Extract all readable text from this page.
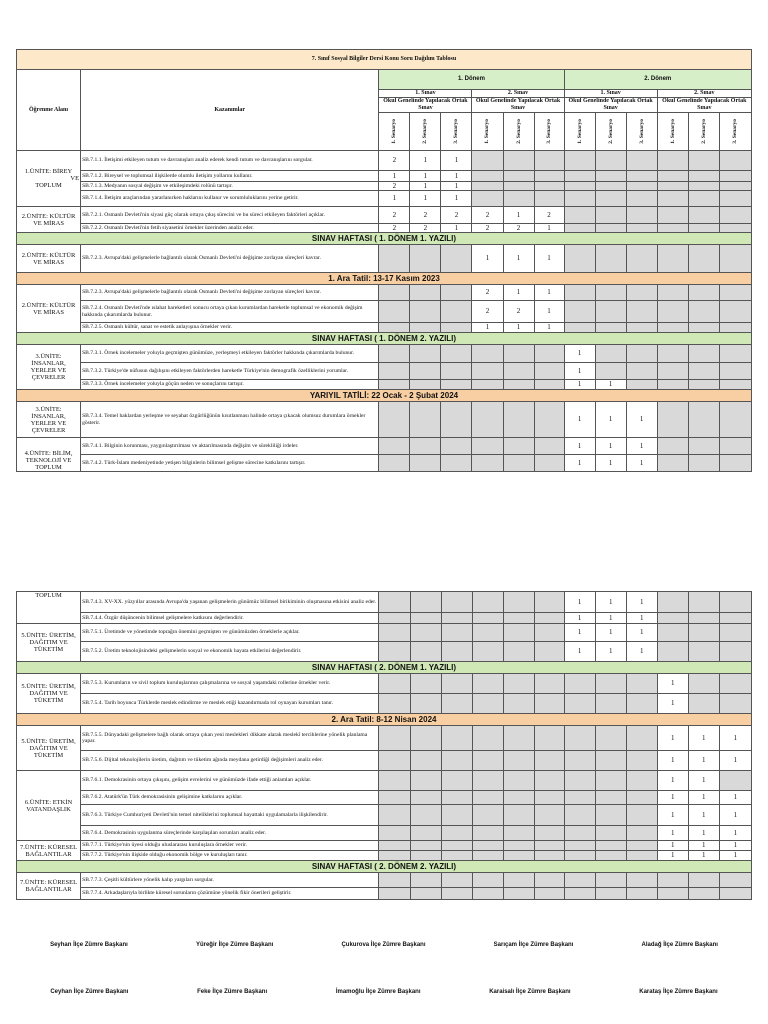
7. Sınıf Sosyal Bilgiler Dersi Konu Soru Dağılım Tablosu													
Öğrenme Alanı	Kazanımlar	1. Dönem						2. Dönem					
		1. Sınav			2. Sınav			1. Sınav			2. Sınav		
		Okul Genelinde Yapılacak Ortak Sınav			Okul Genelinde Yapılacak Ortak Sınav			Okul Genelinde Yapılacak Ortak Sınav			Okul Genelinde Yapılacak Ortak Sınav		

		1. Senaryo	2. Senaryo	3. Senaryo	1. Senaryo	2. Senaryo	3. Senaryo	1. Senaryo	2. Senaryo	3. Senaryo	1. Senaryo	2. Senaryo	3. Senaryo

1.ÜNİTE: BİREY
VE
TOPLUM	SB.7.1.1. İletişimi etkileyen tutum ve davranışları analiz ederek kendi tutum ve davranışlarını sorgular.	2	1	1									
	SB.7.1.2. Bireysel ve toplumsal ilişkilerde olumlu iletişim yollarını kullanır.	1	1	1									
	SB.7.1.3. Medyanın sosyal değişim ve etkileşimdeki rolünü tartışır.	2	1	1									
	SB.7.1.4. İletişim araçlarından yararlanırken haklarını kullanır ve sorumluluklarını yerine getirir.	1	1	1									
2.ÜNİTE: KÜLTÜR VE MİRAS	SB.7.2.1. Osmanlı Devleti'nin siyasi güç olarak ortaya çıkış sürecini ve bu süreci etkileyen faktörleri açıklar.	2	2	2	2	1	2						
	SB.7.2.2. Osmanlı Devleti'nin fetih siyasetini örnekler üzerinden analiz eder.	2	2	1	2	2	1						
SINAV HAFTASI ( 1. DÖNEM 1. YAZILI)													
2.ÜNİTE: KÜLTÜR VE MİRAS	SB.7.2.3. Avrupa'daki gelişmelerle bağlantılı olarak Osmanlı Devleti'ni değişime zorlayan süreçleri kavrar.				1	1	1						
1. Ara Tatil: 13-17 Kasım 2023													
2.ÜNİTE: KÜLTÜR VE MİRAS	SB.7.2.3. Avrupa'daki gelişmelerle bağlantılı olarak Osmanlı Devleti'ni değişime zorlayan süreçleri kavrar.				2	1	1						
	SB.7.2.4. Osmanlı Devleti'nde ıslahat hareketleri sonucu ortaya çıkan kurumlardan hareketle toplumsal ve ekonomik değişim hakkında çıkarımlarda bulunur.				2	2	1						
	SB.7.2.5. Osmanlı kültür, sanat ve estetik anlayışına örnekler verir.				1	1	1						
SINAV HAFTASI ( 1. DÖNEM 2. YAZILI)													
3.ÜNİTE: İNSANLAR, YERLER VE ÇEVRELER	SB.7.3.1. Örnek incelemeler yoluyla geçmişten günümüze, yerleşmeyi etkileyen faktörler hakkında çıkarımlarda bulunur.							1					
	SB.7.3.2. Türkiye'de nüfusun dağılışını etkileyen faktörlerden hareketle Türkiye'nin demografik özelliklerini yorumlar.							1					
	SB.7.3.3. Örnek incelemeler yoluyla göçün neden ve sonuçlarını tartışır.							1	1				
YARIYIL TATİLİ: 22 Ocak - 2 Şubat 2024													
3.ÜNİTE: İNSANLAR, YERLER VE ÇEVRELER	SB.7.3.4. Temel haklardan yerleşme ve seyahat özgürlüğünün kısıtlanması halinde ortaya çıkacak olumsuz durumlara örnekler gösterir.							1	1	1			
4.ÜNİTE: BİLİM, TEKNOLOJİ VE TOPLUM	SB.7.4.1. Bilginin korunması, yaygınlaştırılması ve aktarılmasında değişim ve sürekliliği irdeler.							1	1	1			
	SB.7.4.2. Türk-İslam medeniyetinde yetişen bilginlerin bilimsel gelişme sürecine katkılarını tartışır.							1	1	1			
TOPLUM	SB.7.4.3. XV-XX. yüzyıllar arasında Avrupa'da yaşanan gelişmelerin günümüz bilimsel birikiminin oluşmasına etkisini analiz eder.							1	1	1			
	SB.7.4.4. Özgür düşüncenin bilimsel gelişmelere katkısını değerlendirir.							1	1	1			
5.ÜNİTE: ÜRETİM, DAĞITIM VE TÜKETİM	SB.7.5.1. Üretimde ve yönetimde toprağın önemini geçmişten ve günümüzden örneklerle açıklar.							1	1	1			
	SB.7.5.2. Üretim teknolojisindeki gelişmelerin sosyal ve ekonomik hayata etkilerini değerlendirir.							1	1	1			
SINAV HAFTASI ( 2. DÖNEM 1. YAZILI)													
5.ÜNİTE: ÜRETİM, DAĞITIM VE TÜKETİM	SB.7.5.3. Kurumların ve sivil toplum kuruluşlarının çalışmalarına ve sosyal yaşamdaki rollerine örnekler verir.										1		
	SB.7.5.4. Tarih boyunca Türklerde meslek edindirme ve meslek etiği kazandırmada rol oynayan kurumları tanır.										1		
2. Ara Tatil: 8-12 Nisan 2024													
5.ÜNİTE: ÜRETİM, DAĞITIM VE TÜKETİM	SB.7.5.5. Dünyadaki gelişmelere bağlı olarak ortaya çıkan yeni meslekleri dikkate alarak meslekî tercihlerine yönelik planlama yapar.										1	1	1
	SB.7.5.6. Dijital teknolojilerin üretim, dağıtım ve tüketim ağında meydana getirdiği değişimleri analiz eder.										1	1	1
6.ÜNİTE: ETKİN VATANDAŞLIK	SB.7.6.1. Demokrasinin ortaya çıkışını, gelişim evrelerini ve günümüzde ifade ettiği anlamları açıklar.										1	1	
	SB.7.6.2. Atatürk'ün Türk demokrasisinin gelişimine katkılarını açıklar.										1	1	1
	SB.7.6.3. Türkiye Cumhuriyeti Devleti'nin temel niteliklerini toplumsal hayattaki uygulamalarla ilişkilendirir.										1	1	1
	SB.7.6.4. Demokrasinin uygulanma süreçlerinde karşılaşılan sorunları analiz eder.										1	1	1
7.ÜNİTE: KÜRESEL BAĞLANTILAR	SB.7.7.1. Türkiye'nin üyesi olduğu uluslararası kuruluşlara örnekler verir.										1	1	1
	SB.7.7.2. Türkiye'nin ilişkide olduğu ekonomik bölge ve kuruluşları tanır.										1	1	1
SINAV HAFTASI ( 2. DÖNEM 2. YAZILI)													
7.ÜNİTE: KÜRESEL BAĞLANTILAR	SB.7.7.3. Çeşitli kültürlere yönelik kalıp yargıları sorgular.												
	SB.7.7.4. Arkadaşlarıyla birlikte küresel sorunların çözümüne yönelik fikir önerileri geliştirir.												
Seyhan İlçe Zümre Başkanı	Yüreğir İlçe Zümre Başkanı	Çukurova İlçe Zümre Başkanı	Sarıçam İlçe Zümre Başkanı	Aladağ İlçe Zümre Başkanı
Ceyhan İlçe Zümre Başkanı	Feke İlçe Zümre Başkanı	İmamoğlu İlçe Zümre Başkanı	Karaisalı İlçe Zümre Başkanı	Karataş İlçe Zümre Başkanı
